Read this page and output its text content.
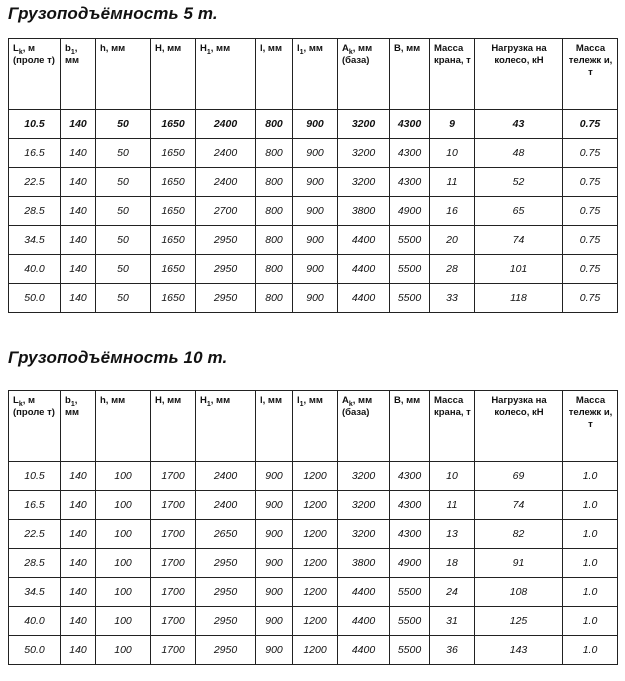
Грузоподъёмность 5 т.
$L_k$, м (проле т)	$b_1$, мм	h, мм	H, мм	$H_1$, мм	l, мм	$l_1$, мм	$A_k$, мм (база)	B, мм	Масса крана, т	Нагрузка на колесо, кН	Масса тележк и, т
10.5	140	50	1650	2400	800	900	3200	4300	9	43	0.75
16.5	140	50	1650	2400	800	900	3200	4300	10	48	0.75
22.5	140	50	1650	2400	800	900	3200	4300	11	52	0.75
28.5	140	50	1650	2700	800	900	3800	4900	16	65	0.75
34.5	140	50	1650	2950	800	900	4400	5500	20	74	0.75
40.0	140	50	1650	2950	800	900	4400	5500	28	101	0.75
50.0	140	50	1650	2950	800	900	4400	5500	33	118	0.75
Грузоподъёмность 10 т.
$L_k$, м (проле т)	$b_1$, мм	h, мм	H, мм	$H_1$, мм	l, мм	$l_1$, мм	$A_k$, мм (база)	B, мм	Масса крана, т	Нагрузка на колесо, кН	Масса тележк и, т
10.5	140	100	1700	2400	900	1200	3200	4300	10	69	1.0
16.5	140	100	1700	2400	900	1200	3200	4300	11	74	1.0
22.5	140	100	1700	2650	900	1200	3200	4300	13	82	1.0
28.5	140	100	1700	2950	900	1200	3800	4900	18	91	1.0
34.5	140	100	1700	2950	900	1200	4400	5500	24	108	1.0
40.0	140	100	1700	2950	900	1200	4400	5500	31	125	1.0
50.0	140	100	1700	2950	900	1200	4400	5500	36	143	1.0
